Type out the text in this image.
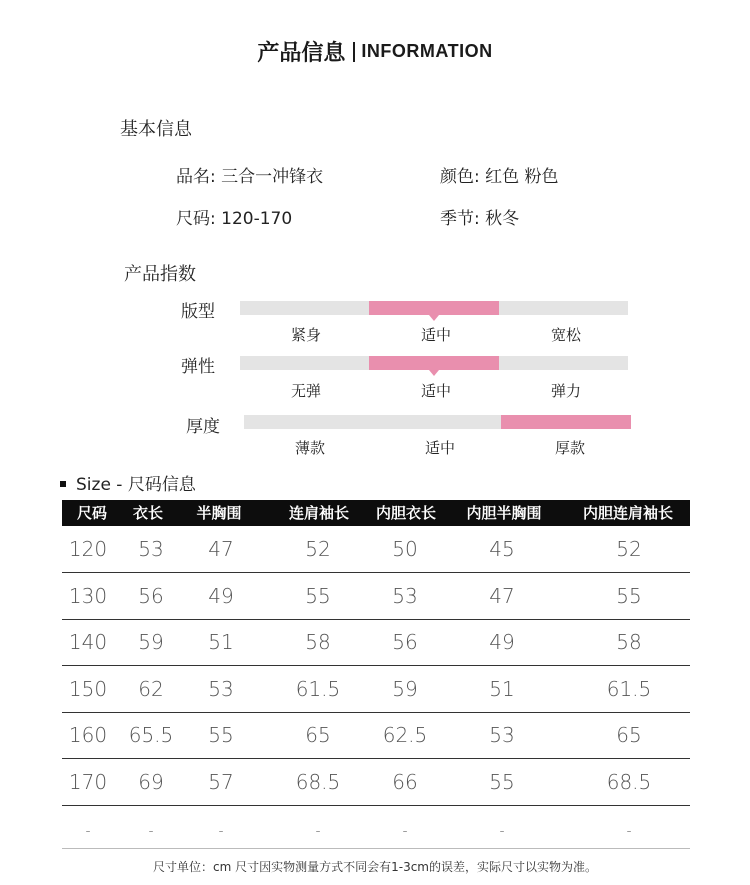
产品信息 INFORMATION
基本信息
品名: 三合一冲锋衣	颜色: 红色 粉色
尺码: 120-170	季节: 秋冬
产品指数
版型
紧身	适中	宽松
弹性
无弹	适中	弹力
厚度
薄款	适中	厚款
Size - 尺码信息
尺码	衣长	半胸围	连肩袖长	内胆衣长	内胆半胸围	内胆连肩袖长
120	53	47	52	50	45	52
130	56	49	55	53	47	55
140	59	51	58	56	49	58
150	62	53	61.5	59	51	61.5
160	65.5	55	65	62.5	53	65
170	69	57	68.5	66	55	68.5
-	-	-	-	-	-	-
尺寸单位：cm 尺寸因实物测量方式不同会有1-3cm的误差，实际尺寸以实物为准。
